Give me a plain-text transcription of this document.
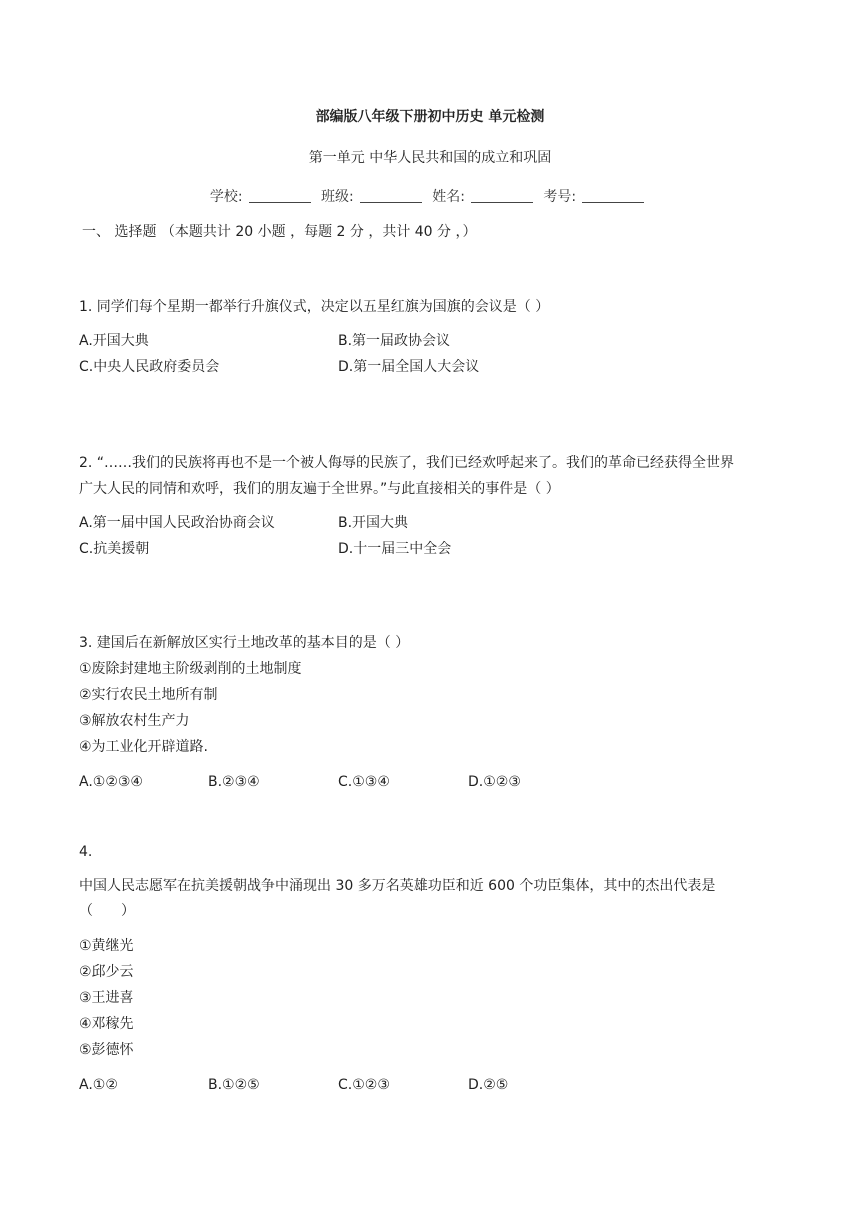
部编版八年级下册初中历史 单元检测
第一单元 中华人民共和国的成立和巩固
学校:	班级:	姓名:	考号:
一、 选择题 （本题共计 20 小题 ，每题 2 分 ，共计 40 分 ，）
1. 同学们每个星期一都举行升旗仪式，决定以五星红旗为国旗的会议是（ ）
A.开国大典	B.第一届政协会议
C.中央人民政府委员会	D.第一届全国人大会议
2. “……我们的民族将再也不是一个被人侮辱的民族了，我们已经欢呼起来了。我们的革命已经获得全世界
广大人民的同情和欢呼，我们的朋友遍于全世界。”与此直接相关的事件是（ ）
A.第一届中国人民政治协商会议	B.开国大典
C.抗美援朝	D.十一届三中全会
3. 建国后在新解放区实行土地改革的基本目的是（ ）
①废除封建地主阶级剥削的土地制度
②实行农民土地所有制
③解放农村生产力
④为工业化开辟道路.
A.①②③④	B.②③④	C.①③④	D.①②③
4.
中国人民志愿军在抗美援朝战争中涌现出 30 多万名英雄功臣和近 600 个功臣集体，其中的杰出代表是
（　　）
①黄继光
②邱少云
③王进喜
④邓稼先
⑤彭德怀
A.①②	B.①②⑤	C.①②③	D.②⑤
